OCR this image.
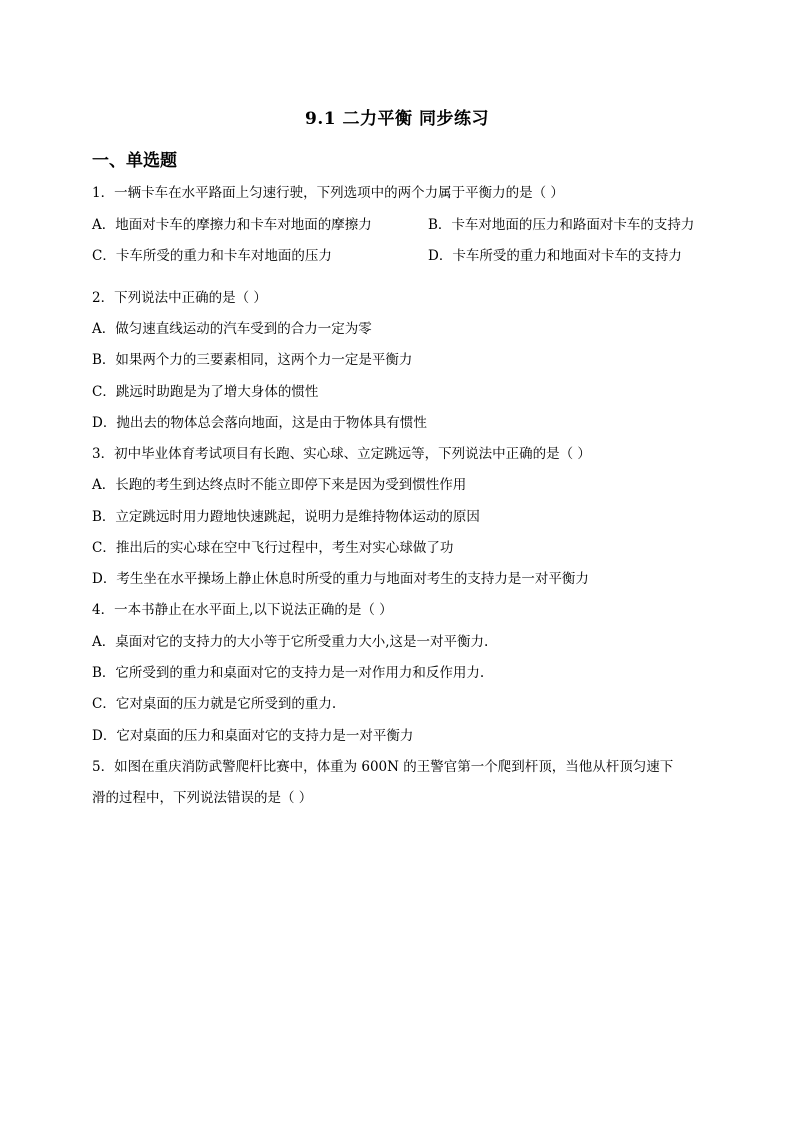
9.1 二力平衡 同步练习
一、单选题
1．一辆卡车在水平路面上匀速行驶，下列选项中的两个力属于平衡力的是（ ）
A．地面对卡车的摩擦力和卡车对地面的摩擦力	B．卡车对地面的压力和路面对卡车的支持力
C．卡车所受的重力和卡车对地面的压力	D．卡车所受的重力和地面对卡车的支持力
2．下列说法中正确的是（ ）
A．做匀速直线运动的汽车受到的合力一定为零
B．如果两个力的三要素相同，这两个力一定是平衡力
C．跳远时助跑是为了增大身体的惯性
D．抛出去的物体总会落向地面，这是由于物体具有惯性
3．初中毕业体育考试项目有长跑、实心球、立定跳远等，下列说法中正确的是（ ）
A．长跑的考生到达终点时不能立即停下来是因为受到惯性作用
B．立定跳远时用力蹬地快速跳起，说明力是维持物体运动的原因
C．推出后的实心球在空中飞行过程中，考生对实心球做了功
D．考生坐在水平操场上静止休息时所受的重力与地面对考生的支持力是一对平衡力
4．一本书静止在水平面上,以下说法正确的是（ ）
A．桌面对它的支持力的大小等于它所受重力大小,这是一对平衡力.
B．它所受到的重力和桌面对它的支持力是一对作用力和反作用力.
C．它对桌面的压力就是它所受到的重力.
D．它对桌面的压力和桌面对它的支持力是一对平衡力
5．如图在重庆消防武警爬杆比赛中，体重为 600N 的王警官第一个爬到杆顶，当他从杆顶匀速下
滑的过程中，下列说法错误的是（ ）
